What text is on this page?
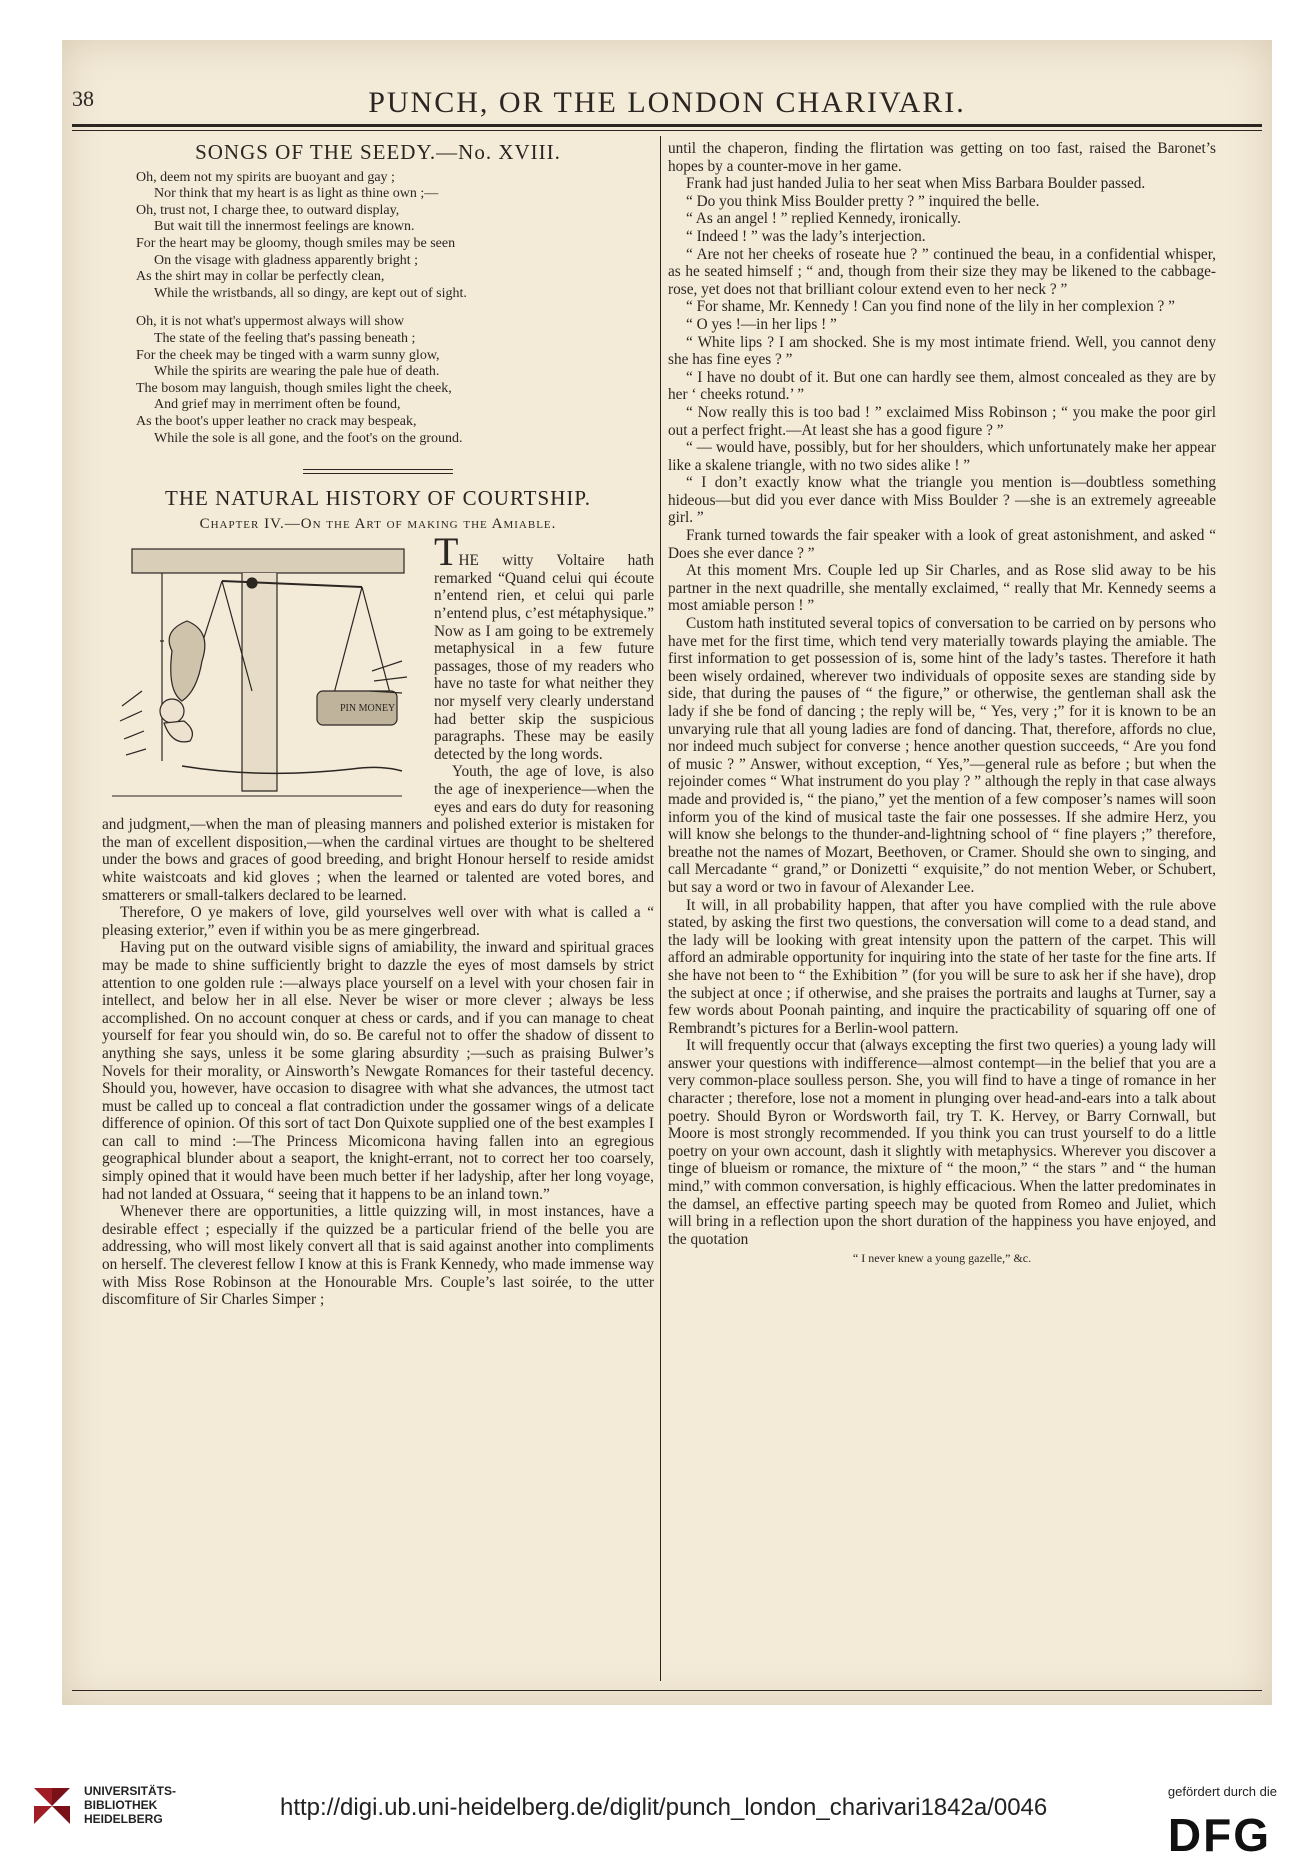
38	PUNCH, OR THE LONDON CHARIVARI.
SONGS OF THE SEEDY.—No. XVIII.
Oh, deem not my spirits are buoyant and gay ;
Nor think that my heart is as light as thine own ;—
Oh, trust not, I charge thee, to outward display,
But wait till the innermost feelings are known.
For the heart may be gloomy, though smiles may be seen
On the visage with gladness apparently bright ;
As the shirt may in collar be perfectly clean,
While the wristbands, all so dingy, are kept out of sight.
Oh, it is not what's uppermost always will show
The state of the feeling that's passing beneath ;
For the cheek may be tinged with a warm sunny glow,
While the spirits are wearing the pale hue of death.
The bosom may languish, though smiles light the cheek,
And grief may in merriment often be found,
As the boot's upper leather no crack may bespeak,
While the sole is all gone, and the foot's on the ground.
THE NATURAL HISTORY OF COURTSHIP.
Chapter IV.—On the Art of making the Amiable.
PIN MONEY

THE witty Voltaire hath remarked “Quand celui qui écoute n’entend rien, et celui qui parle n’entend plus, c’est métaphysique.” Now as I am going to be extremely metaphysical in a few future passages, those of my readers who have no taste for what neither they nor myself very clearly understand had better skip the suspicious paragraphs. These may be easily detected by the long words.

Youth, the age of love, is also the age of inexperience—when the eyes and ears do duty for reasoning and judgment,—when the man of pleasing manners and polished exterior is mistaken for the man of excellent disposition,—when the cardinal virtues are thought to be sheltered under the bows and graces of good breeding, and bright Honour herself to reside amidst white waistcoats and kid gloves ; when the learned or talented are voted bores, and smatterers or small-talkers declared to be learned.

Therefore, O ye makers of love, gild yourselves well over with what is called a “ pleasing exterior,” even if within you be as mere gingerbread.

Having put on the outward visible signs of amiability, the inward and spiritual graces may be made to shine sufficiently bright to dazzle the eyes of most damsels by strict attention to one golden rule :—always place yourself on a level with your chosen fair in intellect, and below her in all else. Never be wiser or more clever ; always be less accomplished. On no account conquer at chess or cards, and if you can manage to cheat yourself for fear you should win, do so. Be careful not to offer the shadow of dissent to anything she says, unless it be some glaring absurdity ;—such as praising Bulwer’s Novels for their morality, or Ainsworth’s Newgate Romances for their tasteful decency. Should you, however, have occasion to disagree with what she advances, the utmost tact must be called up to conceal a flat contradiction under the gossamer wings of a delicate difference of opinion. Of this sort of tact Don Quixote supplied one of the best examples I can call to mind :—The Princess Micomicona having fallen into an egregious geographical blunder about a seaport, the knight-errant, not to correct her too coarsely, simply opined that it would have been much better if her ladyship, after her long voyage, had not landed at Ossuara, “ seeing that it happens to be an inland town.”

Whenever there are opportunities, a little quizzing will, in most instances, have a desirable effect ; especially if the quizzed be a particular friend of the belle you are addressing, who will most likely convert all that is said against another into compliments on herself. The cleverest fellow I know at this is Frank Kennedy, who made immense way with Miss Rose Robinson at the Honourable Mrs. Couple’s last soirée, to the utter discomfiture of Sir Charles Simper ;

until the chaperon, finding the flirtation was getting on too fast, raised the Baronet’s hopes by a counter-move in her game.

Frank had just handed Julia to her seat when Miss Barbara Boulder passed.

“ Do you think Miss Boulder pretty ? ” inquired the belle.

“ As an angel ! ” replied Kennedy, ironically.

“ Indeed ! ” was the lady’s interjection.

“ Are not her cheeks of roseate hue ? ” continued the beau, in a confidential whisper, as he seated himself ; “ and, though from their size they may be likened to the cabbage-rose, yet does not that brilliant colour extend even to her neck ? ”

“ For shame, Mr. Kennedy ! Can you find none of the lily in her complexion ? ”

“ O yes !—in her lips ! ”

“ White lips ? I am shocked. She is my most intimate friend. Well, you cannot deny she has fine eyes ? ”

“ I have no doubt of it. But one can hardly see them, almost concealed as they are by her ‘ cheeks rotund.’ ”

“ Now really this is too bad ! ” exclaimed Miss Robinson ; “ you make the poor girl out a perfect fright.—At least she has a good figure ? ”

“ — would have, possibly, but for her shoulders, which unfortunately make her appear like a skalene triangle, with no two sides alike ! ”

“ I don’t exactly know what the triangle you mention is—doubtless something hideous—but did you ever dance with Miss Boulder ? —she is an extremely agreeable girl. ”

Frank turned towards the fair speaker with a look of great astonishment, and asked “ Does she ever dance ? ”

At this moment Mrs. Couple led up Sir Charles, and as Rose slid away to be his partner in the next quadrille, she mentally exclaimed, “ really that Mr. Kennedy seems a most amiable person ! ”

Custom hath instituted several topics of conversation to be carried on by persons who have met for the first time, which tend very materially towards playing the amiable. The first information to get possession of is, some hint of the lady’s tastes. Therefore it hath been wisely ordained, wherever two individuals of opposite sexes are standing side by side, that during the pauses of “ the figure,” or otherwise, the gentleman shall ask the lady if she be fond of dancing ; the reply will be, “ Yes, very ;” for it is known to be an unvarying rule that all young ladies are fond of dancing. That, therefore, affords no clue, nor indeed much subject for converse ; hence another question succeeds, “ Are you fond of music ? ” Answer, without exception, “ Yes,”—general rule as before ; but when the rejoinder comes “ What instrument do you play ? ” although the reply in that case always made and provided is, “ the piano,” yet the mention of a few composer’s names will soon inform you of the kind of musical taste the fair one possesses. If she admire Herz, you will know she belongs to the thunder-and-lightning school of “ fine players ;” therefore, breathe not the names of Mozart, Beethoven, or Cramer. Should she own to singing, and call Mercadante “ grand,” or Donizetti “ exquisite,” do not mention Weber, or Schubert, but say a word or two in favour of Alexander Lee.

It will, in all probability happen, that after you have complied with the rule above stated, by asking the first two questions, the conversation will come to a dead stand, and the lady will be looking with great intensity upon the pattern of the carpet. This will afford an admirable opportunity for inquiring into the state of her taste for the fine arts. If she have not been to “ the Exhibition ” (for you will be sure to ask her if she have), drop the subject at once ; if otherwise, and she praises the portraits and laughs at Turner, say a few words about Poonah painting, and inquire the practicability of squaring off one of Rembrandt’s pictures for a Berlin-wool pattern.

It will frequently occur that (always excepting the first two queries) a young lady will answer your questions with indifference—almost contempt—in the belief that you are a very common-place soulless person. She, you will find to have a tinge of romance in her character ; therefore, lose not a moment in plunging over head-and-ears into a talk about poetry. Should Byron or Wordsworth fail, try T. K. Hervey, or Barry Cornwall, but Moore is most strongly recommended. If you think you can trust yourself to do a little poetry on your own account, dash it slightly with metaphysics. Wherever you discover a tinge of blueism or romance, the mixture of “ the moon,” “ the stars ” and “ the human mind,” with common conversation, is highly efficacious. When the latter predominates in the damsel, an effective parting speech may be quoted from Romeo and Juliet, which will bring in a reflection upon the short duration of the happiness you have enjoyed, and the quotation

“ I never knew a young gazelle,” &c.
UNIVERSITÄTS-
BIBLIOTHEK
HEIDELBERG	http://digi.ub.uni-heidelberg.de/diglit/punch_london_charivari1842a/0046
gefördert durch die
DFG
